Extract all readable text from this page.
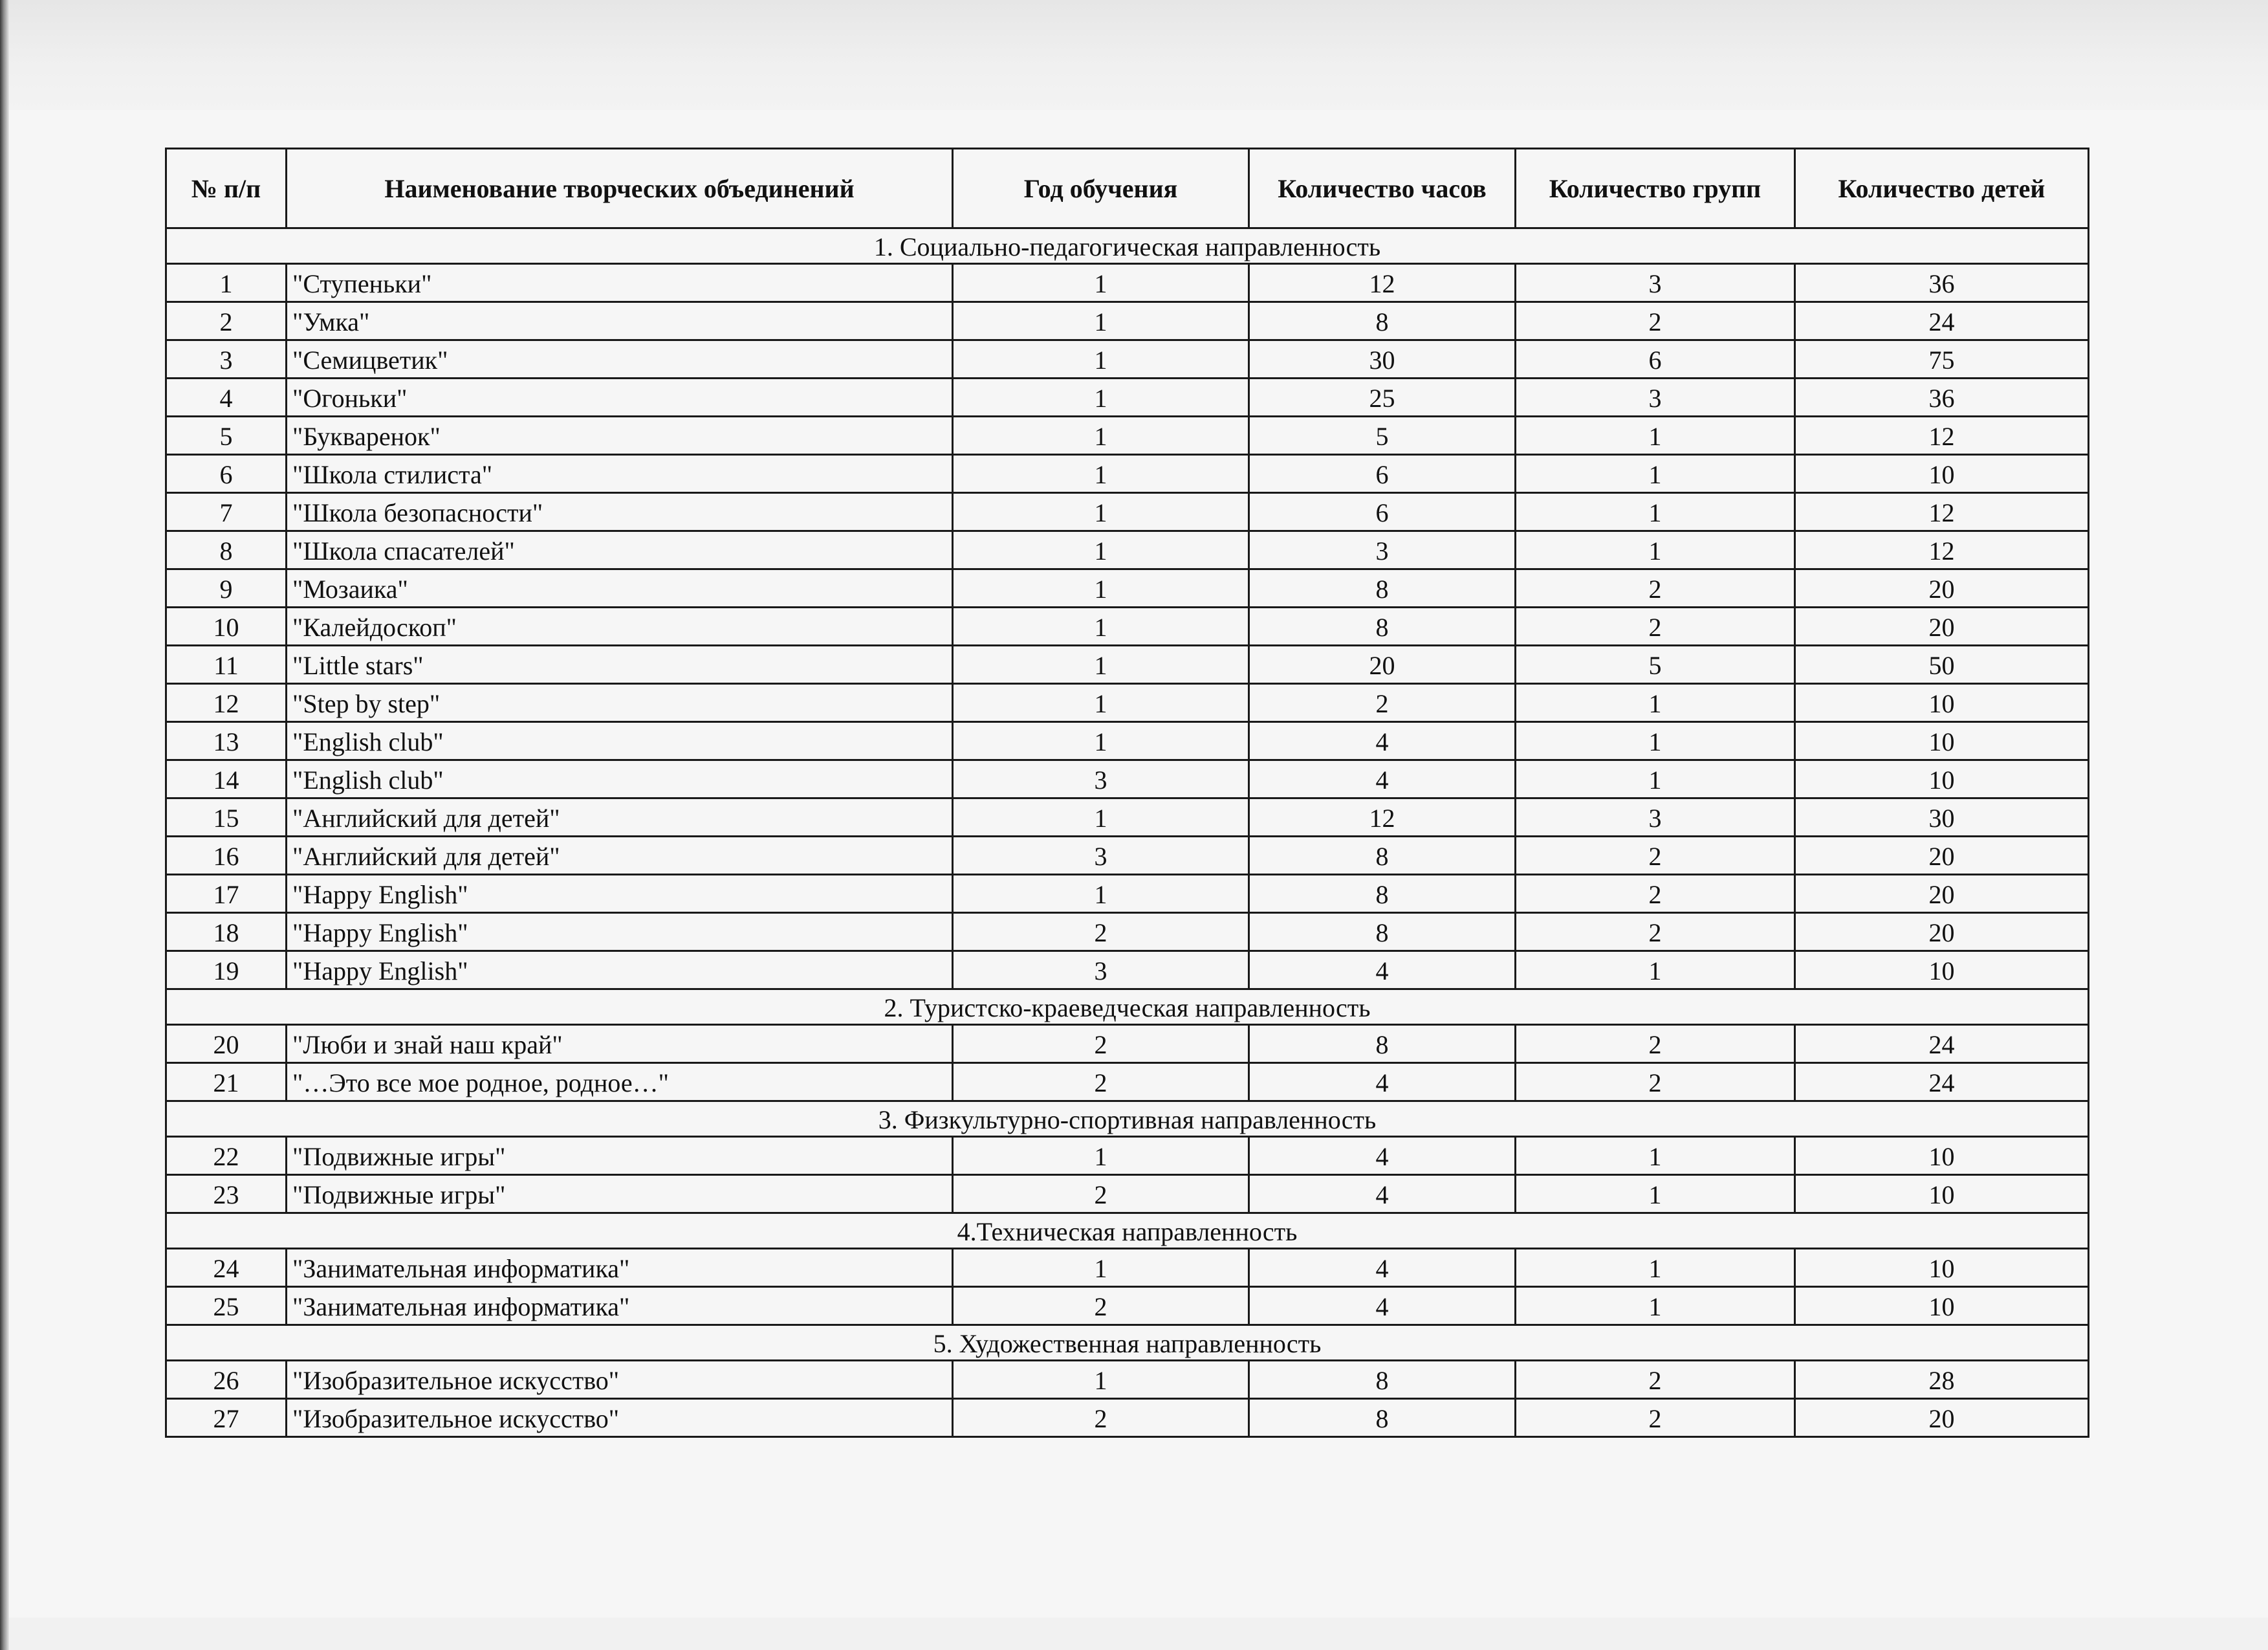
№ п/п	Наименование творческих объединений	Год обучения	Количество часов	Количество групп	Количество детей
1. Социально-педагогическая направленность					
1	"Ступеньки"	1	12	3	36
2	"Умка"	1	8	2	24
3	"Семицветик"	1	30	6	75
4	"Огоньки"	1	25	3	36
5	"Букваренок"	1	5	1	12
6	"Школа стилиста"	1	6	1	10
7	"Школа безопасности"	1	6	1	12
8	"Школа спасателей"	1	3	1	12
9	"Мозаика"	1	8	2	20
10	"Калейдоскоп"	1	8	2	20
11	"Little stars"	1	20	5	50
12	"Step by step"	1	2	1	10
13	"English club"	1	4	1	10
14	"English club"	3	4	1	10
15	"Английский для детей"	1	12	3	30
16	"Английский для детей"	3	8	2	20
17	"Happy English"	1	8	2	20
18	"Happy English"	2	8	2	20
19	"Happy English"	3	4	1	10
2. Туристско-краеведческая направленность					
20	"Люби и знай наш край"	2	8	2	24
21	"…Это все мое родное, родное…"	2	4	2	24
3. Физкультурно-спортивная направленность					
22	"Подвижные игры"	1	4	1	10
23	"Подвижные игры"	2	4	1	10
4.Техническая направленность					
24	"Занимательная информатика"	1	4	1	10
25	"Занимательная информатика"	2	4	1	10
5. Художественная направленность					
26	"Изобразительное искусство"	1	8	2	28
27	"Изобразительное искусство"	2	8	2	20
